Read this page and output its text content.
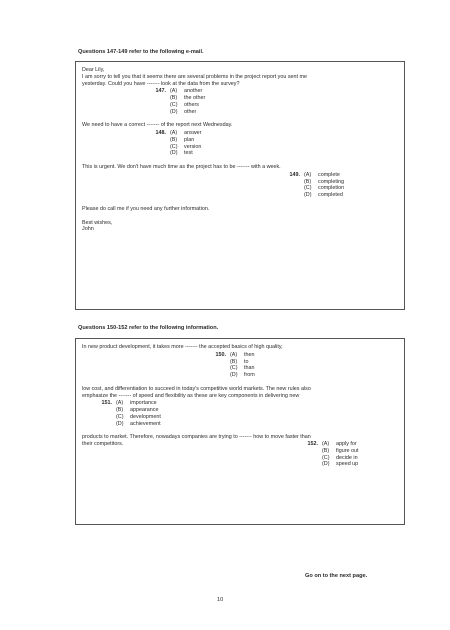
Questions 147-149 refer to the following e-mail.
Dear Lily,
I am sorry to tell you that it seems there are several problems in the project report you sent me
yesterday. Could you have ------- look at the data from the survey?
147. (A)	another
(B)	the other
(C)	others
(D)	other
We need to have a correct ------- of the report next Wednesday.
148. (A)	answer
(B)	plan
(C)	version
(D)	test
This is urgent. We don't have much time as the project has to be ------- with a week.
149. (A)	complete
(B)	completing
(C)	completion
(D)	completed
Please do call me if you need any further information.
Best wishes,
John
Questions 150-152 refer to the following information.
In new product development, it takes more ------- the accepted basics of high quality,
150. (A)	then
(B)	to
(C)	than
(D)	from
low cost, and differentiation to succeed in today's competitive world markets. The new rules also
emphasize the ------- of speed and flexibility as these are key components in delivering new
151. (A)	importance
(B)	appearance
(C)	development
(D)	achievement
products to market. Therefore, nowadays companies are trying to ------- how to move faster than
their competitors.	152. (A)	apply for
(B)	figure out
(C)	decide in
(D)	speed up
Go on to the next page.
10
